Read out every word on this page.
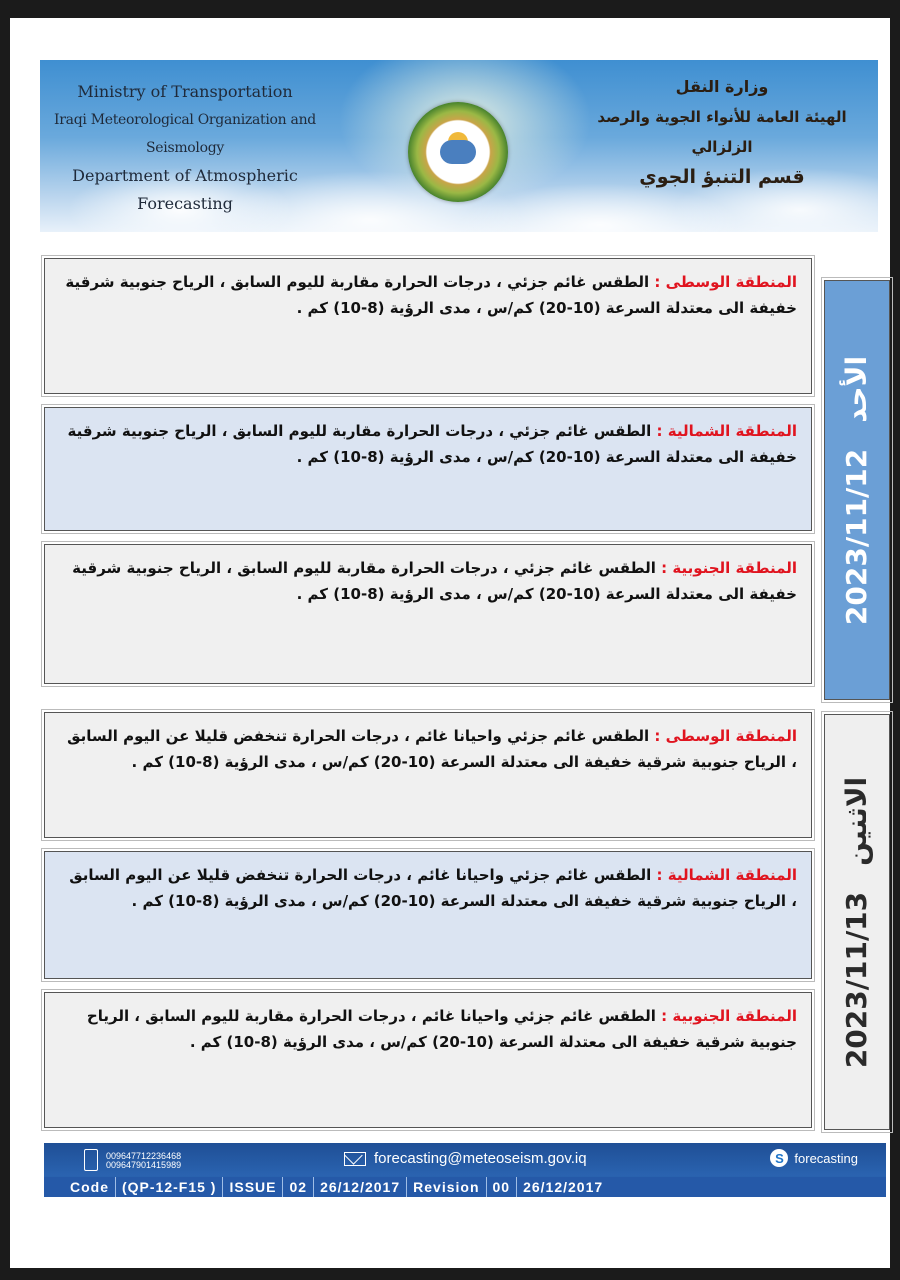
Ministry of Transportation
Iraqi Meteorological Organization and Seismology
Department of Atmospheric Forecasting
وزارة النقل
الهيئة العامة للأنواء الجوية والرصد الزلزالي
قسم التنبؤ الجوي
المنطقة الوسطى : الطقس غائم جزئي ، درجات الحرارة مقاربة لليوم السابق ، الرياح جنوبية شرقية خفيفة الى معتدلة السرعة (10-20) كم/س ، مدى الرؤية (8-10) كم .
المنطقة الشمالية : الطقس غائم جزئي ، درجات الحرارة مقاربة لليوم السابق ، الرياح جنوبية شرقية خفيفة الى معتدلة السرعة (10-20) كم/س ، مدى الرؤية (8-10) كم .
المنطقة الجنوبية : الطقس غائم جزئي ، درجات الحرارة مقاربة لليوم السابق ، الرياح جنوبية شرقية خفيفة الى معتدلة السرعة (10-20) كم/س ، مدى الرؤية (8-10) كم .	2023/11/12
الأحد
المنطقة الوسطى : الطقس غائم جزئي واحيانا غائم ، درجات الحرارة تنخفض قليلا عن اليوم السابق ، الرياح جنوبية شرقية خفيفة الى معتدلة السرعة (10-20) كم/س ، مدى الرؤية (8-10) كم .
المنطقة الشمالية : الطقس غائم جزئي واحيانا غائم ، درجات الحرارة تنخفض قليلا عن اليوم السابق ، الرياح جنوبية شرقية خفيفة الى معتدلة السرعة (10-20) كم/س ، مدى الرؤية (8-10) كم .
المنطقة الجنوبية : الطقس غائم جزئي واحيانا غائم ، درجات الحرارة مقاربة لليوم السابق ، الرياح جنوبية شرقية خفيفة الى معتدلة السرعة (10-20) كم/س ، مدى الرؤية (8-10) كم .	2023/11/13
الاثنين
009647712236468
009647901415989	forecasting@meteoseism.gov.iq	S forecasting
Code (QP-12-F15 ) ISSUE 02 26/12/2017 Revision 00 26/12/2017
